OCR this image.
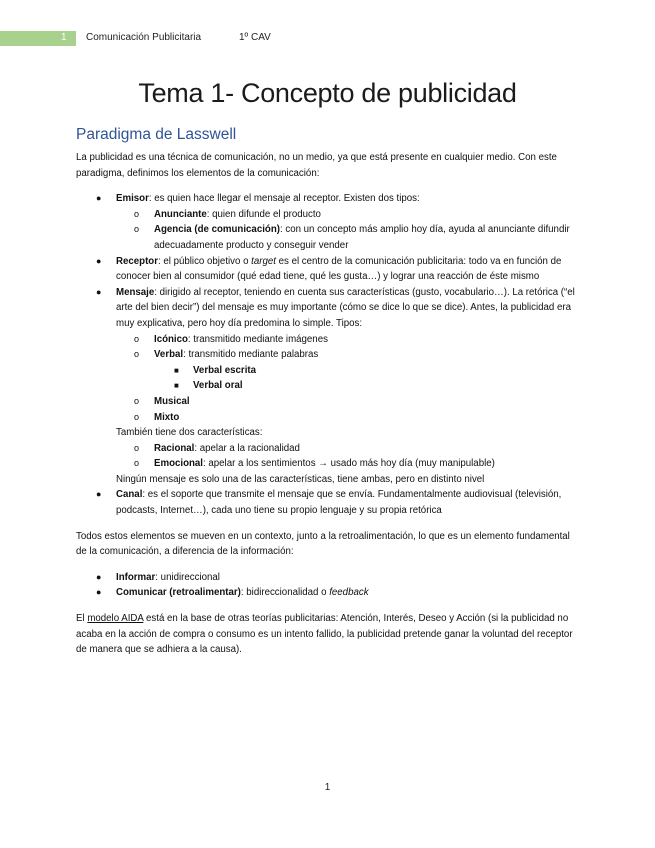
1 Comunicación Publicitaria	1º CAV
Tema 1- Concepto de publicidad
Paradigma de Lasswell

La publicidad es una técnica de comunicación, no un medio, ya que está presente en cualquier medio. Con este paradigma, definimos los elementos de la comunicación:

● Emisor: es quien hace llegar el mensaje al receptor. Existen dos tipos:

o Anunciante: quien difunde el producto

o Agencia (de comunicación): con un concepto más amplio hoy día, ayuda al anunciante difundir adecuadamente producto y conseguir vender

● Receptor: el público objetivo o target es el centro de la comunicación publicitaria: todo va en función de conocer bien al consumidor (qué edad tiene, qué les gusta…) y lograr una reacción de éste mismo

● Mensaje: dirigido al receptor, teniendo en cuenta sus características (gusto, vocabulario…). La retórica (“el arte del bien decir”) del mensaje es muy importante (cómo se dice lo que se dice). Antes, la publicidad era muy explicativa, pero hoy día predomina lo simple. Tipos:

o Icónico: transmitido mediante imágenes

o Verbal: transmitido mediante palabras

■ Verbal escrita

■ Verbal oral

o Musical

o Mixto

También tiene dos características:

o Racional: apelar a la racionalidad

o Emocional: apelar a los sentimientos → usado más hoy día (muy manipulable)

Ningún mensaje es solo una de las características, tiene ambas, pero en distinto nivel

● Canal: es el soporte que transmite el mensaje que se envía. Fundamentalmente audiovisual (televisión, podcasts, Internet…), cada uno tiene su propio lenguaje y su propia retórica

Todos estos elementos se mueven en un contexto, junto a la retroalimentación, lo que es un elemento fundamental de la comunicación, a diferencia de la información:

● Informar: unidireccional

● Comunicar (retroalimentar): bidireccionalidad o feedback

El modelo AIDA está en la base de otras teorías publicitarias: Atención, Interés, Deseo y Acción (si la publicidad no acaba en la acción de compra o consumo es un intento fallido, la publicidad pretende ganar la voluntad del receptor de manera que se adhiera a la causa).

1
